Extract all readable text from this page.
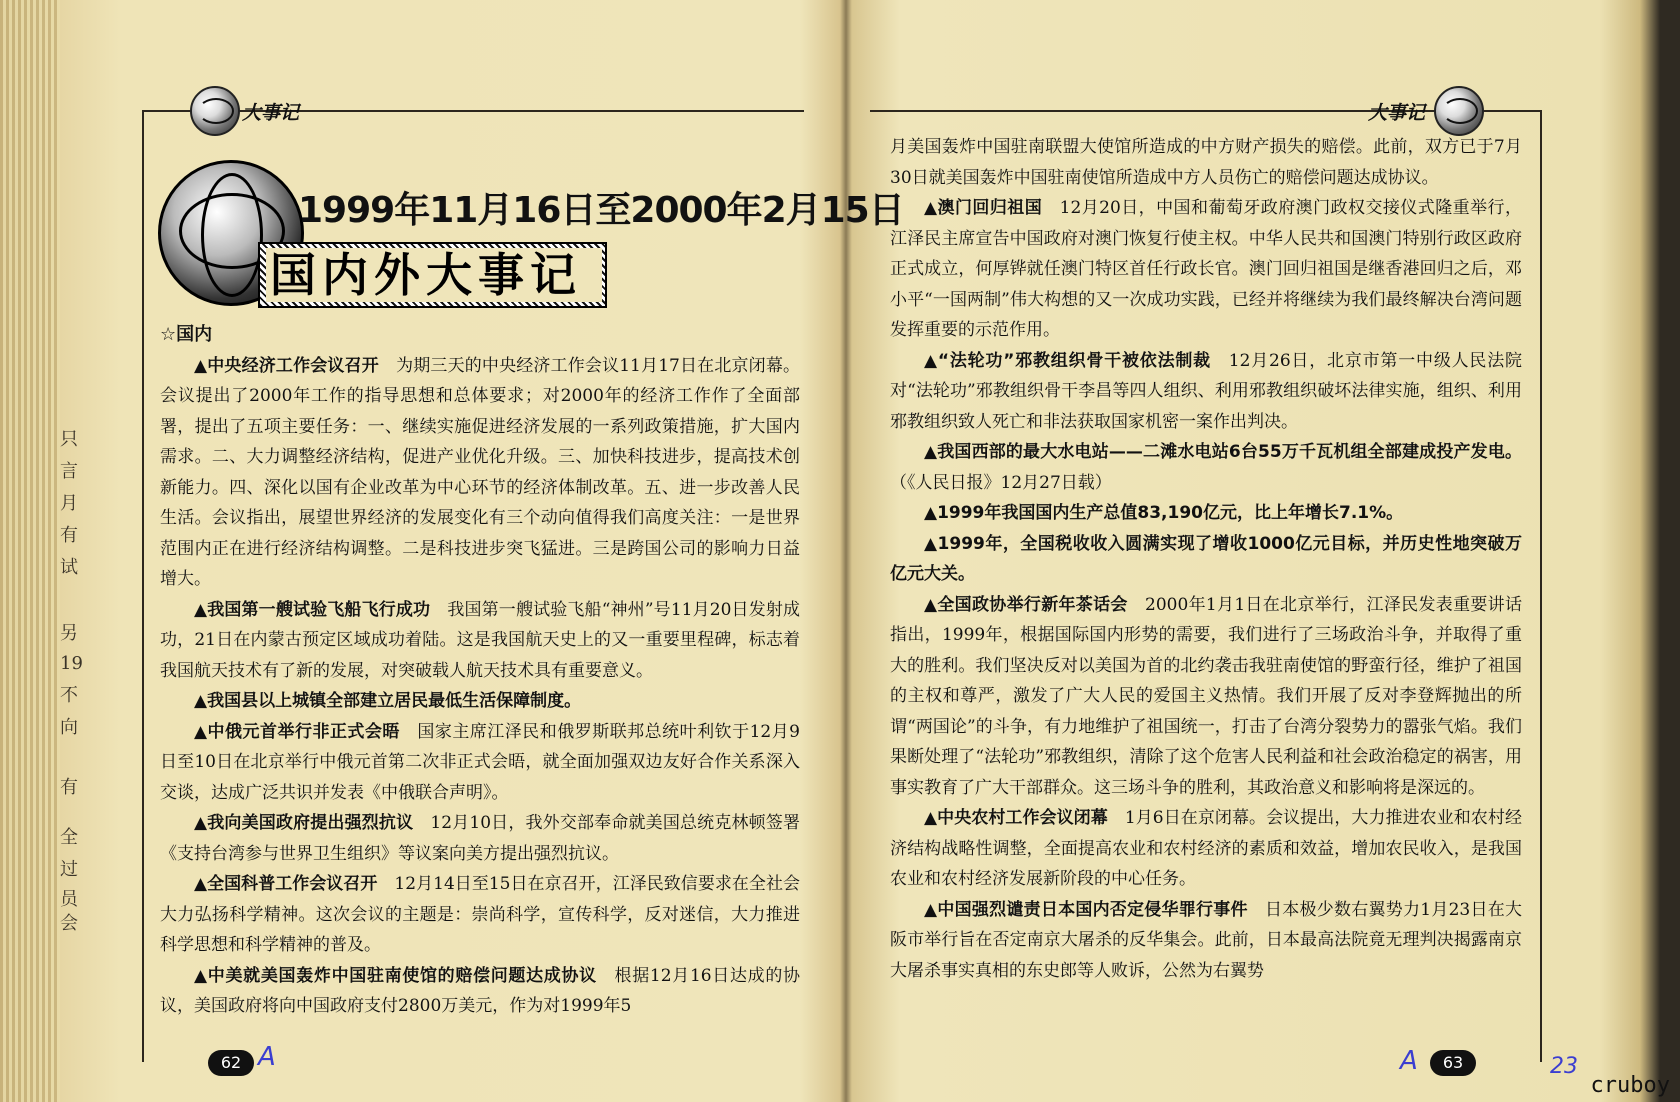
只
言
月
有
试
另
19
不
向
有
全
过
员会
大事记
1999年11月16日至2000年2月15日
国内外大事记

☆国内

▲中央经济工作会议召开　为期三天的中央经济工作会议11月17日在北京闭幕。会议提出了2000年工作的指导思想和总体要求；对2000年的经济工作作了全面部署，提出了五项主要任务：一、继续实施促进经济发展的一系列政策措施，扩大国内需求。二、大力调整经济结构，促进产业优化升级。三、加快科技进步，提高技术创新能力。四、深化以国有企业改革为中心环节的经济体制改革。五、进一步改善人民生活。会议指出，展望世界经济的发展变化有三个动向值得我们高度关注：一是世界范围内正在进行经济结构调整。二是科技进步突飞猛进。三是跨国公司的影响力日益增大。

▲我国第一艘试验飞船飞行成功　我国第一艘试验飞船“神州”号11月20日发射成功，21日在内蒙古预定区域成功着陆。这是我国航天史上的又一重要里程碑，标志着我国航天技术有了新的发展，对突破载人航天技术具有重要意义。

▲我国县以上城镇全部建立居民最低生活保障制度。

▲中俄元首举行非正式会晤　国家主席江泽民和俄罗斯联邦总统叶利钦于12月9日至10日在北京举行中俄元首第二次非正式会晤，就全面加强双边友好合作关系深入交谈，达成广泛共识并发表《中俄联合声明》。

▲我向美国政府提出强烈抗议　12月10日，我外交部奉命就美国总统克林顿签署《支持台湾参与世界卫生组织》等议案向美方提出强烈抗议。

▲全国科普工作会议召开　12月14日至15日在京召开，江泽民致信要求在全社会大力弘扬科学精神。这次会议的主题是：崇尚科学，宣传科学，反对迷信，大力推进科学思想和科学精神的普及。

▲中美就美国轰炸中国驻南使馆的赔偿问题达成协议　根据12月16日达成的协议，美国政府将向中国政府支付2800万美元，作为对1999年5

62 A
大事记

月美国轰炸中国驻南联盟大使馆所造成的中方财产损失的赔偿。此前，双方已于7月30日就美国轰炸中国驻南使馆所造成中方人员伤亡的赔偿问题达成协议。

▲澳门回归祖国　12月20日，中国和葡萄牙政府澳门政权交接仪式隆重举行，江泽民主席宣告中国政府对澳门恢复行使主权。中华人民共和国澳门特别行政区政府正式成立，何厚铧就任澳门特区首任行政长官。澳门回归祖国是继香港回归之后，邓小平“一国两制”伟大构想的又一次成功实践，已经并将继续为我们最终解决台湾问题发挥重要的示范作用。

▲“法轮功”邪教组织骨干被依法制裁　12月26日，北京市第一中级人民法院对“法轮功”邪教组织骨干李昌等四人组织、利用邪教组织破坏法律实施，组织、利用邪教组织致人死亡和非法获取国家机密一案作出判决。

▲我国西部的最大水电站——二滩水电站6台55万千瓦机组全部建成投产发电。（《人民日报》12月27日载）

▲1999年我国国内生产总值83,190亿元，比上年增长7.1%。

▲1999年，全国税收收入圆满实现了增收1000亿元目标，并历史性地突破万亿元大关。

▲全国政协举行新年茶话会　2000年1月1日在北京举行，江泽民发表重要讲话指出，1999年，根据国际国内形势的需要，我们进行了三场政治斗争，并取得了重大的胜利。我们坚决反对以美国为首的北约袭击我驻南使馆的野蛮行径，维护了祖国的主权和尊严，激发了广大人民的爱国主义热情。我们开展了反对李登辉抛出的所谓“两国论”的斗争，有力地维护了祖国统一，打击了台湾分裂势力的嚣张气焰。我们果断处理了“法轮功”邪教组织，清除了这个危害人民利益和社会政治稳定的祸害，用事实教育了广大干部群众。这三场斗争的胜利，其政治意义和影响将是深远的。

▲中央农村工作会议闭幕　1月6日在京闭幕。会议提出，大力推进农业和农村经济结构战略性调整，全面提高农业和农村经济的素质和效益，增加农民收入，是我国农业和农村经济发展新阶段的中心任务。

▲中国强烈谴责日本国内否定侵华罪行事件　日本极少数右翼势力1月23日在大阪市举行旨在否定南京大屠杀的反华集会。此前，日本最高法院竟无理判决揭露南京大屠杀事实真相的东史郎等人败诉，公然为右翼势

A	63	23
cruboy
